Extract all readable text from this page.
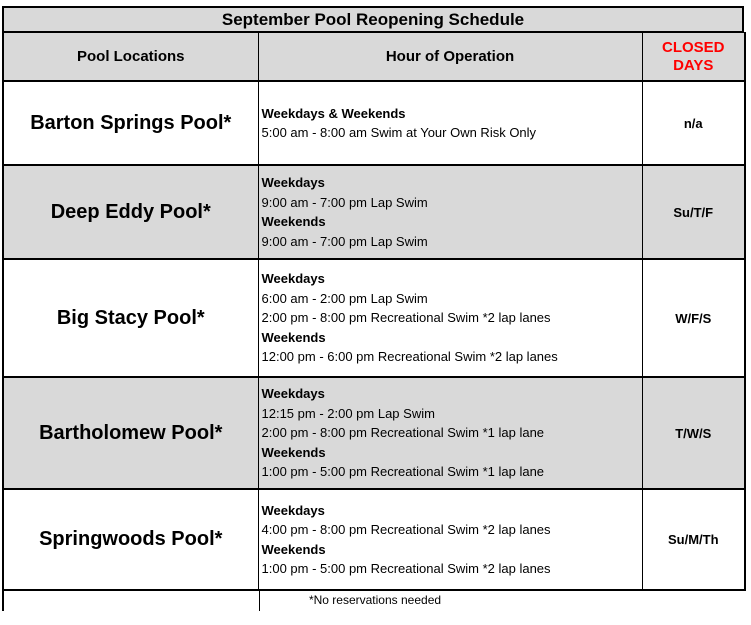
September Pool Reopening Schedule
Pool Locations	Hour of Operation	CLOSED
DAYS
Barton Springs Pool*	Weekdays & Weekends
5:00 am - 8:00 am Swim at Your Own Risk Only	n/a
Deep Eddy Pool*	Weekdays
9:00 am - 7:00 pm Lap Swim
Weekends
9:00 am - 7:00 pm Lap Swim	Su/T/F
Big Stacy Pool*	Weekdays
6:00 am - 2:00 pm Lap Swim
2:00 pm - 8:00 pm Recreational Swim *2 lap lanes
Weekends
12:00 pm - 6:00 pm Recreational Swim *2 lap lanes	W/F/S
Bartholomew Pool*	Weekdays
12:15 pm - 2:00 pm Lap Swim
2:00 pm - 8:00 pm Recreational Swim *1 lap lane
Weekends
1:00 pm - 5:00 pm Recreational Swim *1 lap lane	T/W/S
Springwoods Pool*	Weekdays
4:00 pm - 8:00 pm Recreational Swim *2 lap lanes
Weekends
1:00 pm - 5:00 pm Recreational Swim *2 lap lanes	Su/M/Th
*No reservations needed
